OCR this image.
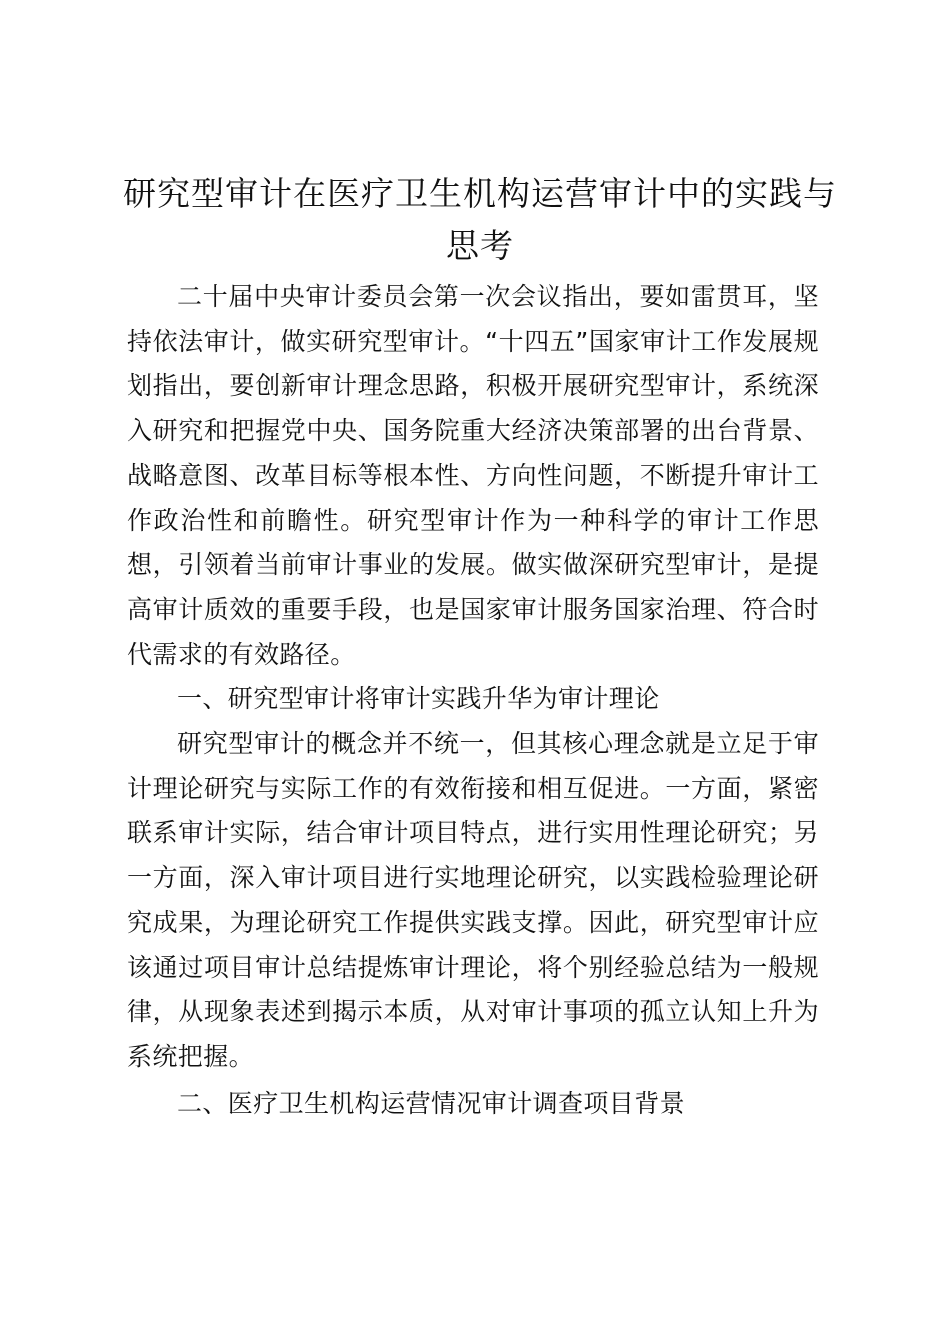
研究型审计在医疗卫生机构运营审计中的实践与思考

二十届中央审计委员会第一次会议指出，要如雷贯耳，坚持依法审计，做实研究型审计。“十四五”国家审计工作发展规划指出，要创新审计理念思路，积极开展研究型审计，系统深入研究和把握党中央、国务院重大经济决策部署的出台背景、战略意图、改革目标等根本性、方向性问题，不断提升审计工作政治性和前瞻性。研究型审计作为一种科学的审计工作思想，引领着当前审计事业的发展。做实做深研究型审计，是提高审计质效的重要手段，也是国家审计服务国家治理、符合时代需求的有效路径。

一、研究型审计将审计实践升华为审计理论

研究型审计的概念并不统一，但其核心理念就是立足于审计理论研究与实际工作的有效衔接和相互促进。一方面，紧密联系审计实际，结合审计项目特点，进行实用性理论研究；另一方面，深入审计项目进行实地理论研究，以实践检验理论研究成果，为理论研究工作提供实践支撑。因此，研究型审计应该通过项目审计总结提炼审计理论，将个别经验总结为一般规律，从现象表述到揭示本质，从对审计事项的孤立认知上升为系统把握。

二、医疗卫生机构运营情况审计调查项目背景
